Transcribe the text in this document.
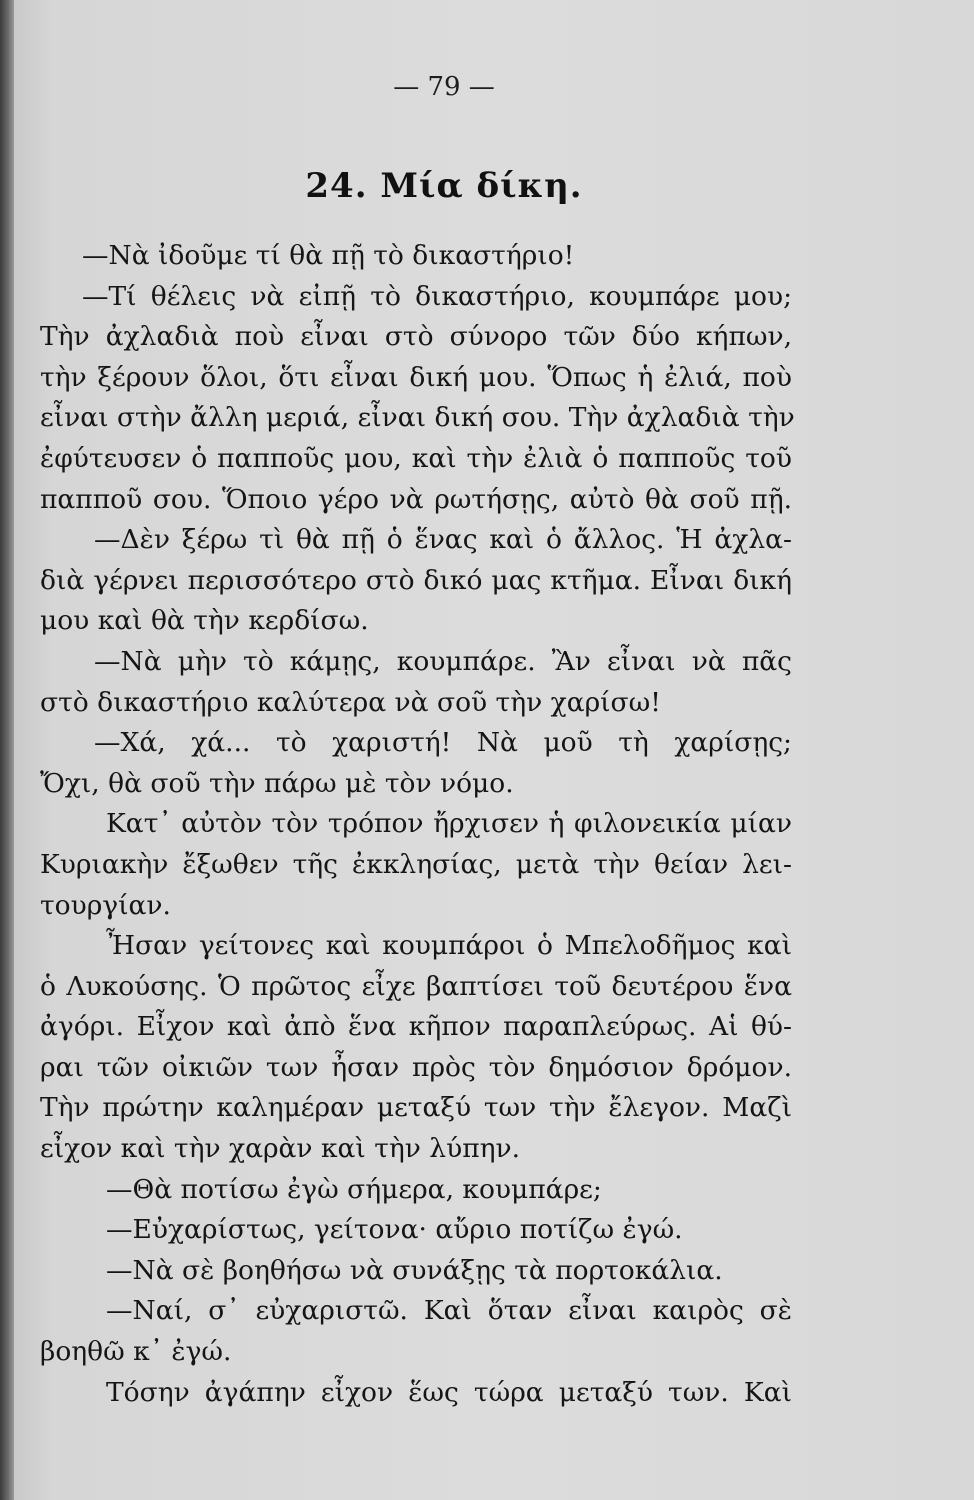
— 79 —
24. Μία δίκη.
—Νὰ ἰδοῦμε τί θὰ πῇ τὸ δικαστήριο!
—Τί θέλεις νὰ εἰπῇ τὸ δικαστήριο, κουμπάρε μου;
Τὴν ἀχλαδιὰ ποὺ εἶναι στὸ σύνορο τῶν δύο κήπων,
τὴν ξέρουν ὅλοι, ὅτι εἶναι δική μου. Ὅπως ἡ ἐλιά, ποὺ
εἶναι στὴν ἄλλη μεριά, εἶναι δική σου. Τὴν ἀχλαδιὰ τὴν
ἐφύτευσεν ὁ παπποῦς μου, καὶ τὴν ἐλιὰ ὁ παπποῦς τοῦ
παπποῦ σου. Ὅποιο γέρο νὰ ρωτήσῃς, αὐτὸ θὰ σοῦ πῇ.
—Δὲν ξέρω τὶ θὰ πῇ ὁ ἕνας καὶ ὁ ἄλλος. Ἡ ἀχλα-
διὰ γέρνει περισσότερο στὸ δικό μας κτῆμα. Εἶναι δική
μου καὶ θὰ τὴν κερδίσω.
—Νὰ μὴν τὸ κάμῃς, κουμπάρε. Ἂν εἶναι νὰ πᾶς
στὸ δικαστήριο καλύτερα νὰ σοῦ τὴν χαρίσω!
—Χά, χά... τὸ χαριστή! Νὰ μοῦ τὴ χαρίσῃς;
Ὄχι, θὰ σοῦ τὴν πάρω μὲ τὸν νόμο.
Κατ᾿ αὐτὸν τὸν τρόπον ἤρχισεν ἡ φιλονεικία μίαν
Κυριακὴν ἔξωθεν τῆς ἐκκλησίας, μετὰ τὴν θείαν λει-
τουργίαν.
Ἦσαν γείτονες καὶ κουμπάροι ὁ Μπελοδῆμος καὶ
ὁ Λυκούσης. Ὁ πρῶτος εἶχε βαπτίσει τοῦ δευτέρου ἕνα
ἀγόρι. Εἶχον καὶ ἀπὸ ἕνα κῆπον παραπλεύρως. Αἱ θύ-
ραι τῶν οἰκιῶν των ἦσαν πρὸς τὸν δημόσιον δρόμον.
Τὴν πρώτην καλημέραν μεταξύ των τὴν ἔλεγον. Μαζὶ
εἶχον καὶ τὴν χαρὰν καὶ τὴν λύπην.
—Θὰ ποτίσω ἐγὼ σήμερα, κουμπάρε;
—Εὐχαρίστως, γείτονα· αὔριο ποτίζω ἐγώ.
—Νὰ σὲ βοηθήσω νὰ συνάξῃς τὰ πορτοκάλια.
—Ναί, σ᾿ εὐχαριστῶ. Καὶ ὅταν εἶναι καιρὸς σὲ
βοηθῶ κ᾿ ἐγώ.
Τόσην ἀγάπην εἶχον ἕως τώρα μεταξύ των. Καὶ
